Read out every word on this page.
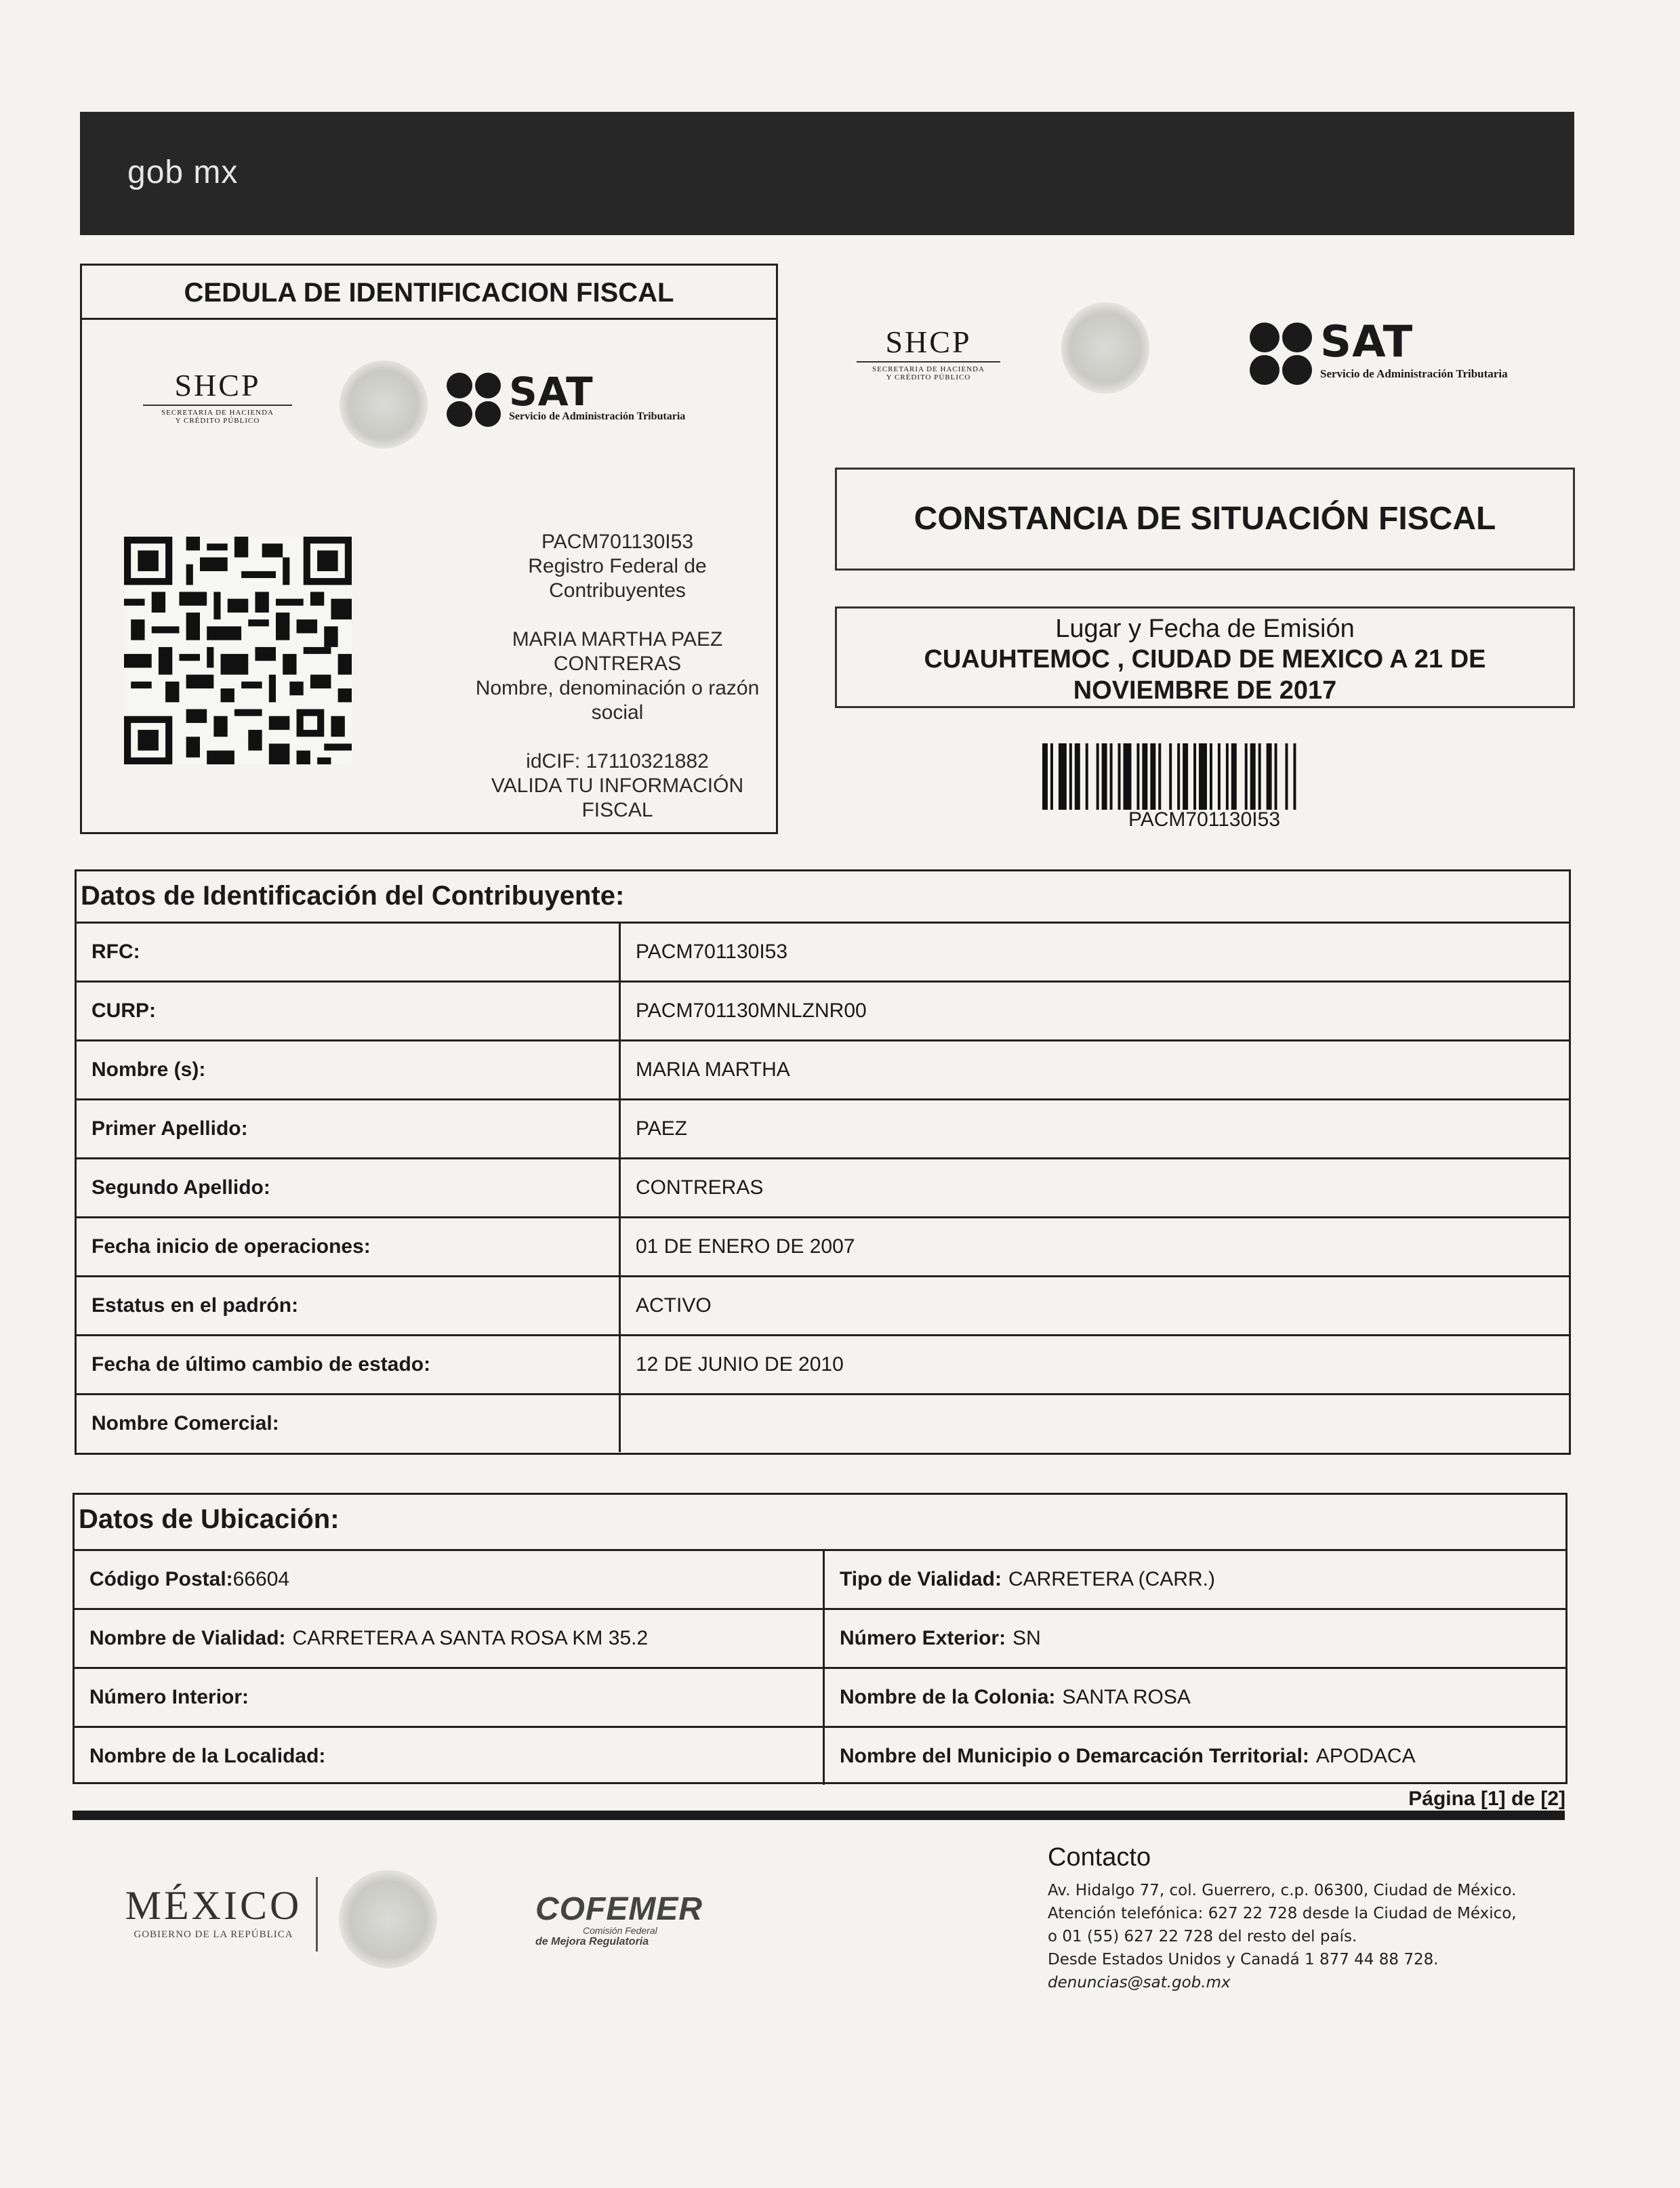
gob mx
CEDULA DE IDENTIFICACION FISCAL
SHCP
SECRETARIA DE HACIENDA
Y CRÉDITO PÚBLICO
SAT
Servicio de Administración Tributaria
PACM701130I53
Registro Federal de Contribuyentes
MARIA MARTHA PAEZ
CONTRERAS
Nombre, denominación o razón
social
idCIF: 17110321882
VALIDA TU INFORMACIÓN
FISCAL
SHCP
SECRETARIA DE HACIENDA
Y CRÉDITO PÚBLICO
SAT
Servicio de Administración Tributaria
CONSTANCIA DE SITUACIÓN FISCAL
Lugar y Fecha de Emisión
CUAUHTEMOC , CIUDAD DE MEXICO A 21 DE
NOVIEMBRE DE 2017
PACM701130I53
Datos de Identificación del Contribuyente:
RFC:	PACM701130I53
CURP:	PACM701130MNLZNR00
Nombre (s):	MARIA MARTHA
Primer Apellido:	PAEZ
Segundo Apellido:	CONTRERAS
Fecha inicio de operaciones:	01 DE ENERO DE 2007
Estatus en el padrón:	ACTIVO
Fecha de último cambio de estado:	12 DE JUNIO DE 2010
Nombre Comercial:
Datos de Ubicación:
Código Postal: 66604	Tipo de Vialidad: CARRETERA (CARR.)
Nombre de Vialidad: CARRETERA A SANTA ROSA KM 35.2	Número Exterior: SN
Número Interior:	Nombre de la Colonia: SANTA ROSA
Nombre de la Localidad:	Nombre del Municipio o Demarcación Territorial: APODACA
Página [1] de [2]
MÉXICO
GOBIERNO DE LA REPÚBLICA
COFEMER
Comisión Federal
de Mejora Regulatoria
Contacto
Av. Hidalgo 77, col. Guerrero, c.p. 06300, Ciudad de México.
Atención telefónica: 627 22 728 desde la Ciudad de México,
o 01 (55) 627 22 728 del resto del país.
Desde Estados Unidos y Canadá 1 877 44 88 728.
denuncias@sat.gob.mx
